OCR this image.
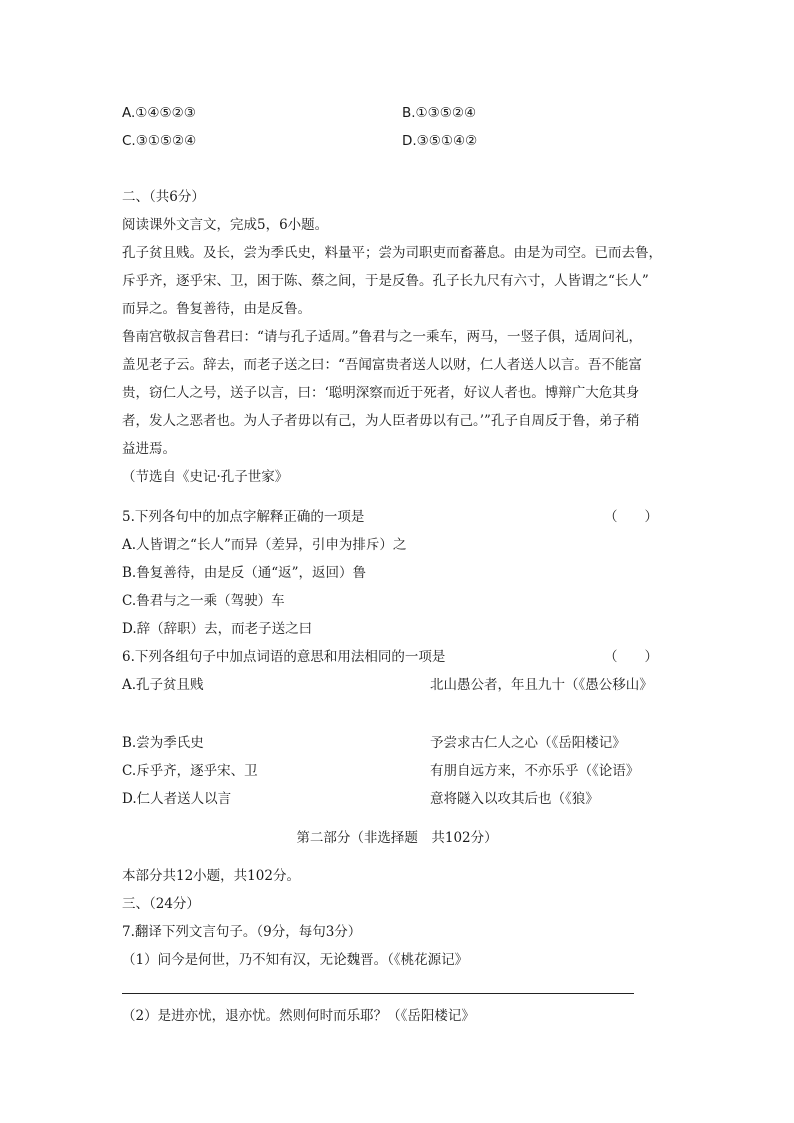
A.①④⑤②③	B.①③⑤②④
C.③①⑤②④	D.③⑤①④②
二、（共6分）
阅读课外文言文，完成5，6小题。
孔子贫且贱。及长，尝为季氏史，料量平；尝为司职吏而畜蕃息。由是为司空。已而去鲁，
斥乎齐，逐乎宋、卫，困于陈、蔡之间，于是反鲁。孔子长九尺有六寸，人皆谓之“长人”
而异之。鲁复善待，由是反鲁。
鲁南宫敬叔言鲁君曰：“请与孔子适周。”鲁君与之一乘车，两马，一竖子俱，适周问礼，
盖见老子云。辞去，而老子送之曰：“吾闻富贵者送人以财，仁人者送人以言。吾不能富
贵，窃仁人之号，送子以言，曰：‘聪明深察而近于死者，好议人者也。博辩广大危其身
者，发人之恶者也。为人子者毋以有己，为人臣者毋以有己。’”孔子自周反于鲁，弟子稍
益进焉。
（节选自《史记·孔子世家》
5.下列各句中的加点字解释正确的一项是	（　　）
A.人皆谓之“长人”而异（差异，引申为排斥）之
B.鲁复善待，由是反（通“返”，返回）鲁
C.鲁君与之一乘（驾驶）车
D.辞（辞职）去，而老子送之曰
6.下列各组句子中加点词语的意思和用法相同的一项是	（　　）
A.孔子贫且贱	北山愚公者，年且九十（《愚公移山》
B.尝为季氏史	予尝求古仁人之心（《岳阳楼记》
C.斥乎齐，逐乎宋、卫	有朋自远方来，不亦乐乎（《论语》
D.仁人者送人以言	意将隧入以攻其后也（《狼》
第二部分（非选择题　共102分）
本部分共12小题，共102分。
三、（24分）
7.翻译下列文言句子。（9分，每句3分）
（1）问今是何世，乃不知有汉，无论魏晋。（《桃花源记》
（2）是进亦忧，退亦忧。然则何时而乐耶？（《岳阳楼记》
